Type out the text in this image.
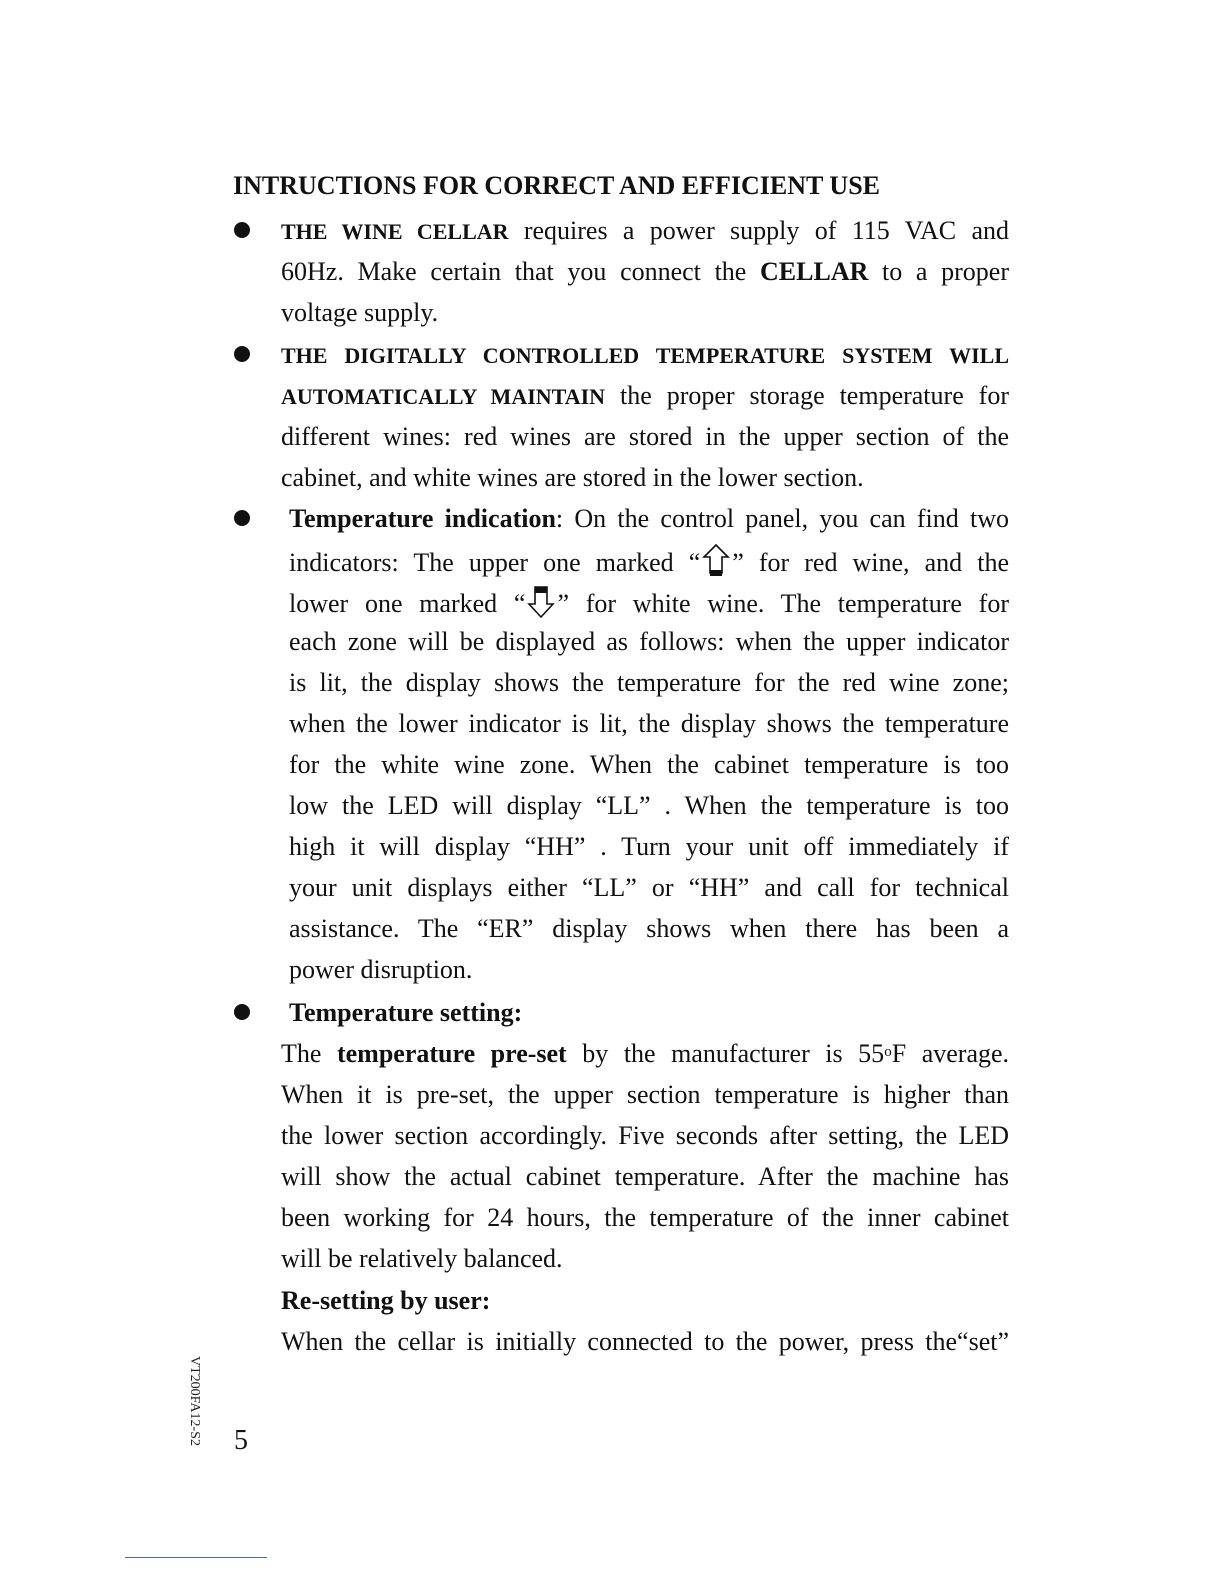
INTRUCTIONS FOR CORRECT AND EFFICIENT USE
THE WINE CELLAR requires a power supply of 115 VAC and
60Hz. Make certain that you connect the CELLAR to a proper
voltage supply.
THE DIGITALLY CONTROLLED TEMPERATURE SYSTEM WILL
AUTOMATICALLY MAINTAIN the proper storage temperature for
different wines: red wines are stored in the upper section of the
cabinet, and white wines are stored in the lower section.
Temperature indication: On the control panel, you can find two
indicators: The upper one marked “ ” for red wine, and the
lower one marked “ ” for white wine. The temperature for
each zone will be displayed as follows: when the upper indicator
is lit, the display shows the temperature for the red wine zone;
when the lower indicator is lit, the display shows the temperature
for the white wine zone. When the cabinet temperature is too
low the LED will display “LL” . When the temperature is too
high it will display “HH” . Turn your unit off immediately if
your unit displays either “LL” or “HH” and call for technical
assistance. The “ER” display shows when there has been a
power disruption.
Temperature setting:
The temperature pre-set by the manufacturer is 55$^o$F average.
When it is pre-set, the upper section temperature is higher than
the lower section accordingly. Five seconds after setting, the LED
will show the actual cabinet temperature. After the machine has
been working for 24 hours, the temperature of the inner cabinet
will be relatively balanced.
Re-setting by user:
When the cellar is initially connected to the power, press the“set”
VT200FA12-S2 5
